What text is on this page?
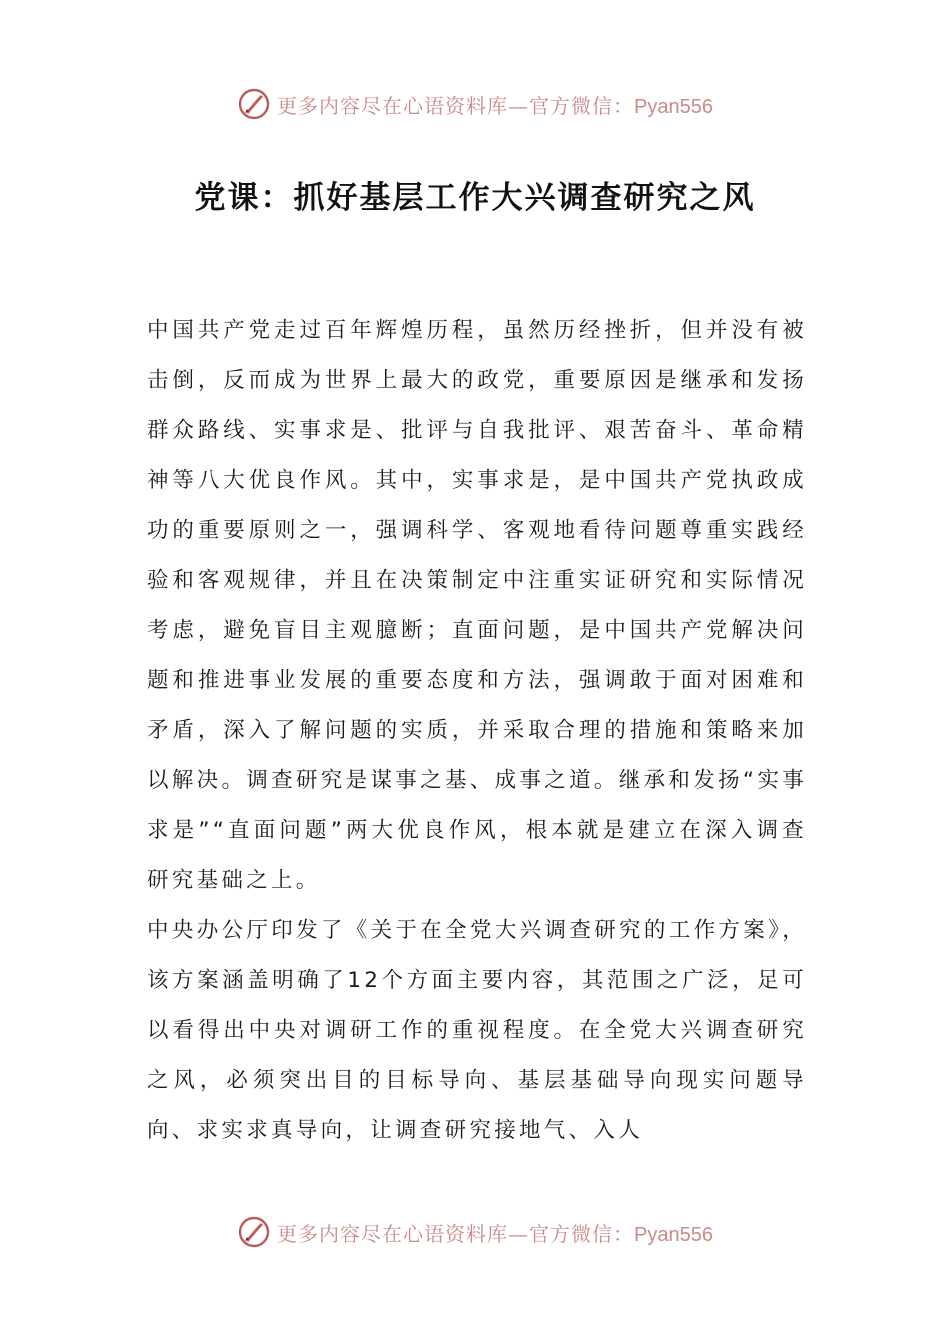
更多内容尽在心语资料库—官方微信：Pyan556
党课：抓好基层工作大兴调查研究之风

中国共产党走过百年辉煌历程，虽然历经挫折，但并没有被击倒，反而成为世界上最大的政党，重要原因是继承和发扬群众路线、实事求是、批评与自我批评、艰苦奋斗、革命精神等八大优良作风。其中，实事求是，是中国共产党执政成功的重要原则之一，强调科学、客观地看待问题尊重实践经验和客观规律，并且在决策制定中注重实证研究和实际情况考虑，避免盲目主观臆断；直面问题，是中国共产党解决问题和推进事业发展的重要态度和方法，强调敢于面对困难和矛盾，深入了解问题的实质，并采取合理的措施和策略来加以解决。调查研究是谋事之基、成事之道。继承和发扬“实事求是”“直面问题”两大优良作风，根本就是建立在深入调查研究基础之上。

中央办公厅印发了《关于在全党大兴调查研究的工作方案》，该方案涵盖明确了12个方面主要内容，其范围之广泛，足可以看得出中央对调研工作的重视程度。在全党大兴调查研究之风，必须突出目的目标导向、基层基础导向现实问题导向、求实求真导向，让调查研究接地气、入人

更多内容尽在心语资料库—官方微信：Pyan556
